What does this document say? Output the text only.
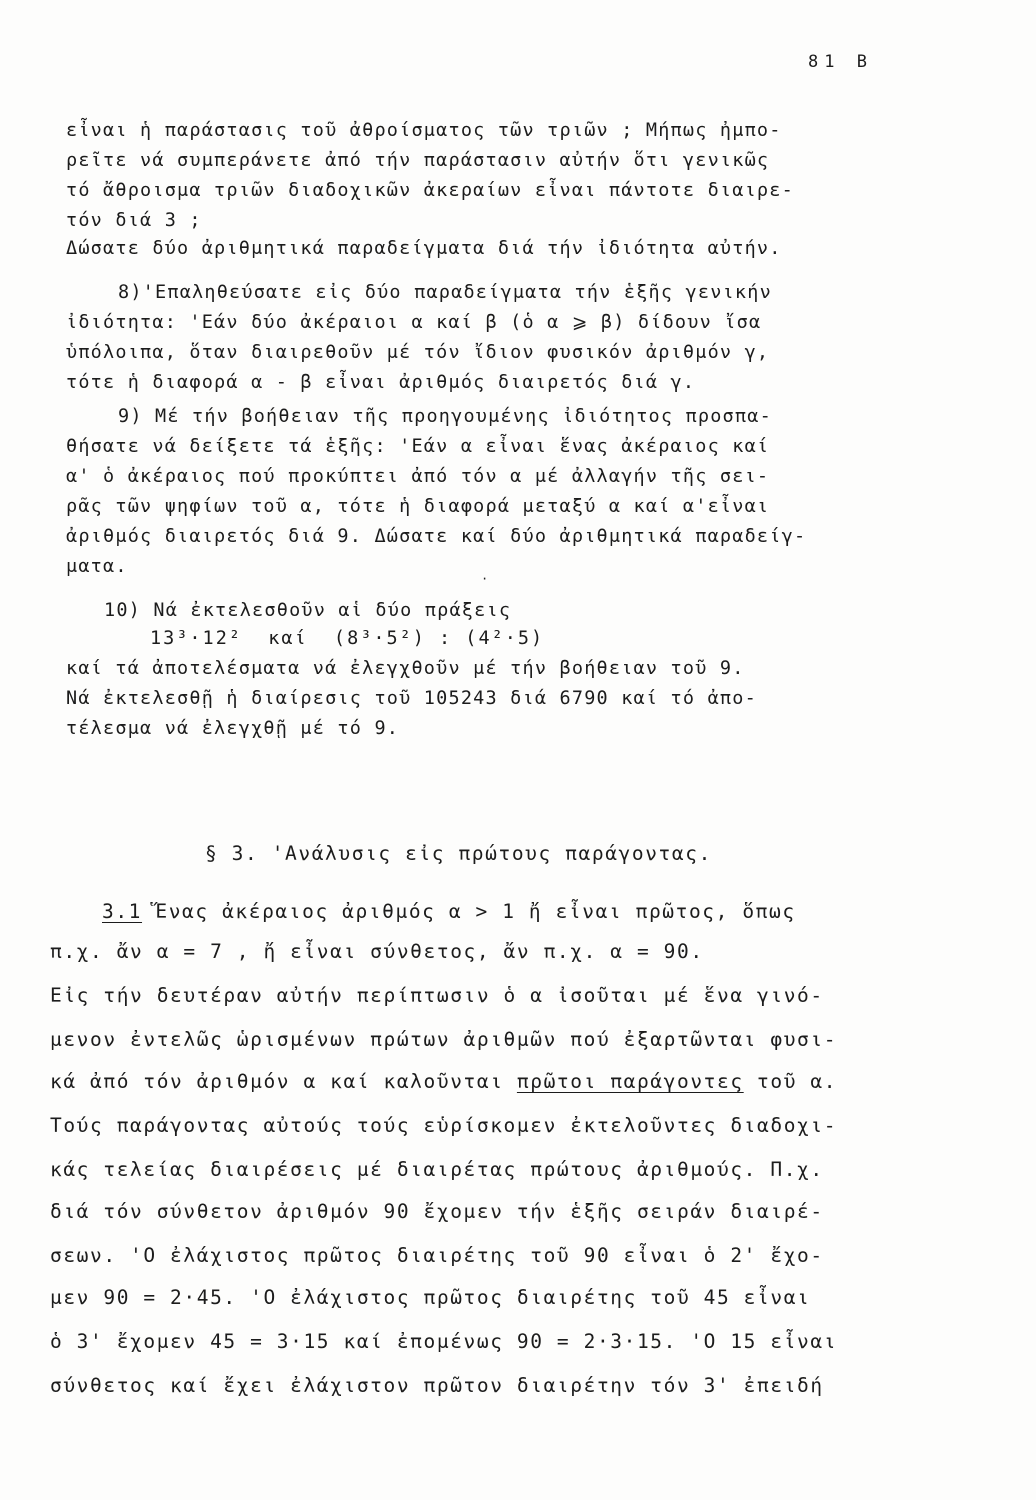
81 B
εἶναι ἡ παράστασις τοῦ ἀθροίσματος τῶν τριῶν ; Μήπως ἠμπο-
ρεῖτε νά συμπεράνετε ἀπό τήν παράστασιν αὐτήν ὅτι γενικῶς
τό ἄθροισμα τριῶν διαδοχικῶν ἀκεραίων εἶναι πάντοτε διαιρε-
τόν διά 3 ;
Δώσατε δύο ἀριθμητικά παραδείγματα διά τήν ἰδιότητα αὐτήν.
8)'Επαληθεύσατε εἰς δύο παραδείγματα τήν ἑξῆς γενικήν
ἰδιότητα: 'Εάν δύο ἀκέραιοι α καί β (ὁ α ⩾ β) δίδουν ἴσα
ὑπόλοιπα, ὅταν διαιρεθοῦν μέ τόν ἴδιον φυσικόν ἀριθμόν γ,
τότε ἡ διαφορά α - β εἶναι ἀριθμός διαιρετός διά γ.
9) Μέ τήν βοήθειαν τῆς προηγουμένης ἰδιότητος προσπα-
θήσατε νά δείξετε τά ἑξῆς: 'Εάν α εἶναι ἕνας ἀκέραιος καί
α' ὁ ἀκέραιος πού προκύπτει ἀπό τόν α μέ ἀλλαγήν τῆς σει-
ρᾶς τῶν ψηφίων τοῦ α, τότε ἡ διαφορά μεταξύ α καί α'εἶναι
ἀριθμός διαιρετός διά 9. Δώσατε καί δύο ἀριθμητικά παραδείγ-
ματα.
·
10) Νά ἐκτελεσθοῦν αἱ δύο πράξεις
13³·12²  καί  (8³·5²) : (4²·5)
καί τά ἀποτελέσματα νά ἐλεγχθοῦν μέ τήν βοήθειαν τοῦ 9.
Νά ἐκτελεσθῇ ἡ διαίρεσις τοῦ 105243 διά 6790 καί τό ἀπο-
τέλεσμα νά ἐλεγχθῇ μέ τό 9.
§ 3. 'Ανάλυσις εἰς πρώτους παράγοντας.
3.1 Ἕνας ἀκέραιος ἀριθμός α > 1 ἤ εἶναι πρῶτος, ὅπως
π.χ. ἄν α = 7 , ἤ εἶναι σύνθετος, ἄν π.χ. α = 90.
Εἰς τήν δευτέραν αὐτήν περίπτωσιν ὁ α ἰσοῦται μέ ἕνα γινό-
μενον ἐντελῶς ὡρισμένων πρώτων ἀριθμῶν πού ἐξαρτῶνται φυσι-
κά ἀπό τόν ἀριθμόν α καί καλοῦνται πρῶτοι παράγοντες τοῦ α.
Τούς παράγοντας αὐτούς τούς εὑρίσκομεν ἐκτελοῦντες διαδοχι-
κάς τελείας διαιρέσεις μέ διαιρέτας πρώτους ἀριθμούς. Π.χ.
διά τόν σύνθετον ἀριθμόν 90 ἔχομεν τήν ἑξῆς σειράν διαιρέ-
σεων. 'Ο ἐλάχιστος πρῶτος διαιρέτης τοῦ 90 εἶναι ὁ 2' ἔχο-
μεν 90 = 2·45. 'Ο ἐλάχιστος πρῶτος διαιρέτης τοῦ 45 εἶναι
ὁ 3' ἔχομεν 45 = 3·15 καί ἐπομένως 90 = 2·3·15. 'Ο 15 εἶναι
σύνθετος καί ἔχει ἐλάχιστον πρῶτον διαιρέτην τόν 3' ἐπειδή
